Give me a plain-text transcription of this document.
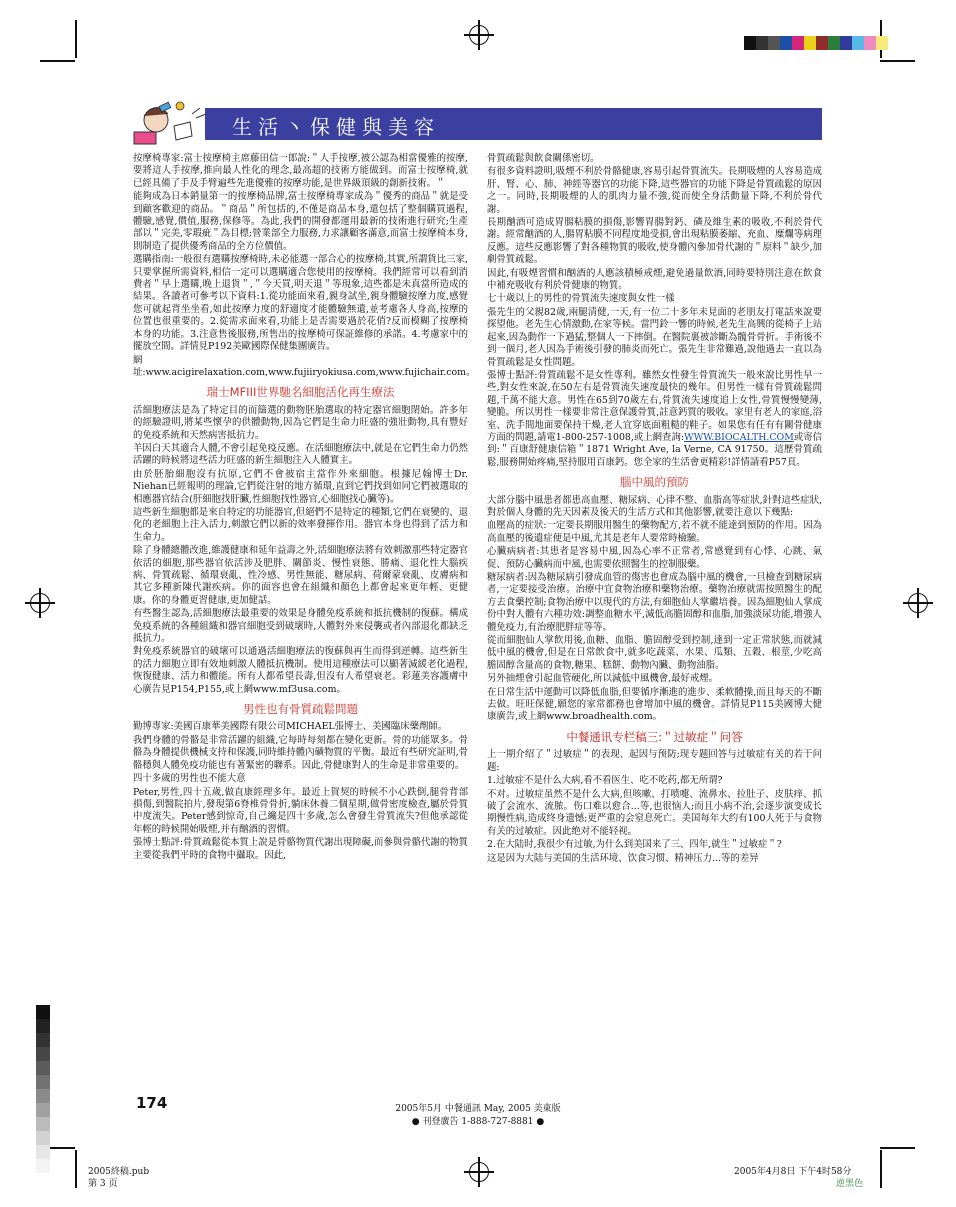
生活丶保健與美容

按摩椅專家:富士按摩椅主席藤田信一郎說:＂人手按摩,被公認為相當優雅的按摩,要將這人手按摩,推向最人性化的理念,最高超的技術方能做到。而富士按摩椅,就已經具備了手及手臂遍些先進優雅的按摩功能,是世界級頂級的創新技術。＂

能夠成為日本銷量第一的按摩椅品牌,富士按摩椅專家成為＂優秀的商品＂就是受到顧客歡迎的商品。＂商品＂所包括的,不僅是商品本身,還包括了整個購買過程,體驗,感覺,價值,服務,保修等。為此,我們的開發都運用最新的技術進行研究;生產部以＂完美,零瑕疵＂為目標;營業部全力服務,力求讓顧客滿意,而富士按摩椅本身,則制造了提供優秀商品的全方位價值。

選購指南:一般很有選購按摩椅時,未必能選一部合心的按摩椅,其實,所謂貨比三家,只要掌握所需資料,相信一定可以選購適合您使用的按摩椅。我們經常可以看到消費者＂早上選購,晚上退貨＂,＂今天買,明天退＂等現象,這些都是未真當所造成的結果。各讀者可參考以下資料:1.從功能面來看,親身試坐,親身體驗按摩力度,感覺您可就起背坐坐看,如此按摩力度的舒適度才能體驗無遺,並考慮各人身高,按摩的位置也很重要的。2.從需求面來看,功能上是否需要過於花俏?反而模糊了按摩椅本身的功能。3.注意售後服務,所售出的按摩椅可保証維修的承諾。4.考慮家中的擺放空間。詳情見P192美歐國際保健集團廣告。

網址:www.acigirelaxation.com,www.fujiiryokiusa.com,www.fujichair.com。

瑞士MFIII世界馳名細胞活化再生療法

活細胞療法是為了特定目的而篩選的動物胚胎選取的特定器官細胞閉始。許多年的經驗證明,將某些懷孕的供體動物,因為它們是生命力旺盛的強壯動物,具有豐好的免疫系統和天然病害抵抗力。

羊因白天其適合人體,不會引起免疫反應。在活細胞療法中,就是在它們生命力仍然活躍的時候將這些活力旺盛的新生細胞注入人體實主。

由於胚胎細胞沒有抗原,它們不會被宿主當作外來細胞。根據尼翰博士Dr. Niehan已經報明的理論,它們從注射的地方循環,直到它們找到如同它們被選取的相應器官結合(肝細胞找肝臟,性細胞找性器官,心細胞找心臟等)。

這些新生細胞都是來自特定的功能器官,但絕們不是特定的種類,它們在衰變的、退化的老細胞上注入活力,刺激它們以新的效率發揮作用。器官本身也得到了活力和生命力。

除了身體總體改進,維護健康和延年益壽之外,活細胞療法將有效刺激那些特定器官依活的細胞,那些器官依活涉及肥胖、關節炎、慢性衰態、勝痛、退化性大腦疾病、骨質疏鬆、循環衰亂、性冷感、男性無能、糖尿病、荷爾蒙衰亂、皮膚病和其它多種新陳代謝疾病。你的面容也會在組織和顏色上都會起來更年輕、更健康。你的身體更習健康,更加健話。

有些醫生認為,活細胞療法最重要的效果是身體免疫系統和抵抗機制的復蘇。構成免疫系統的各種組織和器官細胞受到破壞時,人體對外來侵襲或者內部退化都缺乏抵抗力。

對免疫系統器官的破壞可以通過活細胞療法的復蘇與再生而得到逆轉。這些新生的活力細胞立即有效地刺激人體抵抗機制。使用這種療法可以顯著減緩老化過程,恢復健康、活力和體能。所有人都希望長壽,但沒有人希望衰老。彩蓮美容護膚中心廣告見P154,P155,或上網www.mf3usa.com。

男性也有骨質疏鬆問題

勤博專家:美國百康華美國際有限公司MICHAEL張博士、美國臨床藥劑師。

我們身體的骨骼是非常活躍的組織,它每時每刻都在變化更新。骨的功能眾多。骨骼為身體提供機械支持和保護,同時維持體內礦物質的平衡。最近有些研究証明,骨骼穩與人體免疫功能也有著緊密的聯系。因此,骨健康對人的生命是非常重要的。

四十多歲的男性也不能大意

Peter,男性,四十五歲,做直康經理多年。最近上賀契的時候不小心跌倒,腿骨背部損傷,到醫院拍片,發現第6脊椎骨骨折,躺床休養二個星期,做骨密度檢查,屬於骨質中度流失。Peter感到惊奇,自己纔是四十多歲,怎么會發生骨質流失?但他承認從年輕的時候開始吸煙,并有酗酒的習慣。

張博士點評:骨質疏鬆從本質上說是骨骼物質代謝出現障礙,而參與骨骼代謝的物質主要從我們平時的食物中攝取。因此,

骨質疏鬆與飲食關係密切。

有很多資料證明,吸煙不利於骨骼健康,容易引起骨質流失。長期吸煙的人容易造成肝、腎、心、肺、神經等器官的功能下降,這些器官的功能下降是骨質疏鬆的原因之一。同時,長期吸煙的人的肌肉力量不強,從而使全身活動量下降,不利於骨代謝。

長期酗酒可造成胃腸粘膜的損傷,影響胃腸對鈣、磷及維生素的吸收,不利於骨代謝。經常酗酒的人,腸胃粘膜不同程度地受損,會出現粘膜萎縮、充血、糜爛等病理反應。這些反應影響了對各種物質的吸收,使身體內參加骨代謝的＂原料＂缺少,加劇骨質疏鬆。

因此,有吸煙習慣和酗酒的人應該積極戒煙,避免過量飲酒,同時要特別注意在飲食中補充吸收有利於骨健康的物質。

七十歲以上的男性的骨質流失速度與女性一樣

張先生的父親82歲,兩腿清健,一天,有一位二十多年未見面的老朋友打電話來說要探望他。老先生心情激動,在家等候。當門鈴一響的時候,老先生高興的從椅子上站起來,因為動作一下過猛,整個人一下摔倒。在醫院裏被診斷為髖骨骨折。手術後不到一個月,老人因為手術後引發的肺炎而死亡。張先生非常難過,說他過去一直以為骨質疏鬆是女性問題。

張博士點評:骨質疏鬆不是女性專利。雖然女性發生骨質流失一般來說比男性早一些,對女性來說,在50左右是骨質流失速度最快的幾年。但男性一樣有骨質疏鬆問題,千萬不能大意。男性在65到70歲左右,骨質流失速度追上女性,骨質慢慢變薄,變脆。所以男性一樣要非常注意保護骨質,註意鈣質的吸收。家里有老人的家庭,浴室、洗手間地面要保持干燥,老人宜穿底面粗糙的鞋子。如果您有任有有關骨健康方面的問題,請電1-800-257-1008,或上網查詢:WWW.BIOCALTH.COM或寄信到:＂百康舒健康信箱＂1871 Wright Ave, la Verne, CA 91750。這歷骨質疏鬆,服務開始疼痛,堅持服用百康鈣。您全家的生活會更精彩!詳情請看P57頁。

腦中風的預防

大部分腦中風患者都患高血壓、糖尿病、心律不整、血脂高等症狀,針對這些症狀,對於個人身體的先天因素及後天的生活方式和其他影響,就要注意以下幾點:

血壓高的症狀:一定要長期服用醫生的藥物配方,若不就不能達到預防的作用。因為高血壓的後遺症便是中風,尤其是老年人要常時檢驗。

心臟病病者:其患者是容易中風,因為心率不正常者,常感覺到有心悸、心跳、氣促、預防心臟病而中風,也需要依照醫生的控制服藥。

糖尿病者:因為糖尿病引發成血管的傷害也會成為腦中風的機會,一旦檢查到糖尿病者,一定要接受治療。治療中宜食物治療和藥物治療。藥物治療就需按照醫生的配方去食藥控制;食物治療中以現代的方法,有細胞仙人掌繼培養。因為細胞仙人掌成份中對人體有六種功效:調整血糖水平,減低高膽固醇和血脂,加強淡尿功能,增強人體免疫力,有治療肥胖症等等。

從而細胞仙人掌飲用後,血糖、血脂、膽固醇受到控制,達到一定正常狀態,而就減低中風的機會,但是在日常飲食中,就多吃蔬菜、水果、瓜類、五穀、根莖,少吃高膽固醇含量高的食物,糖果、糕餅、動物內臟、動物油脂。

另外抽煙會引起血管硬化,所以減低中風機會,最好戒煙。

在日常生活中運動可以降低血脂,但要循序漸進的進步、柔軟體操,而且每天的不斷去做。旺旺保健,願您的家常都務也會增加中風的機會。詳情見P115美國博大健康廣告,或上網www.broadhealth.com。

中餐通讯专栏稿三:＂过敏症＂问答

上一期介绍了＂过敏症＂的表现、起因与预防;现专题回答与过敏症有关的若干问题:

1.过敏症不是什么大病,看不看医生、吃不吃药,都无所谓?

不对。过敏症虽然不是什么大病,但咳嗽、打喷嚏、流鼻水、拉肚子、皮肤痒、抓破了会流水、流脓。伤口难以愈合...等,也很恼人;而且小病不治,会逐步演变成长期慢性病,造成终身遗憾;更严重的会窒息死亡。美国每年大约有100人死于与食物有关的过敏症。因此绝对不能轻视。

2.在大陆时,我很少有过敏,为什么到美国来了三、四年,就生＂过敏症＂?

这是因为大陆与美国的生活环境、饮食习惯、精神压力...等的差异

174	2005年5月 中餐通訊 May, 2005 美東版
● 刊登廣告 1-888-727-8881 ●
2005終稿.pub
第 3 页
2005年4月8日 下午4时58分
逆黑色
